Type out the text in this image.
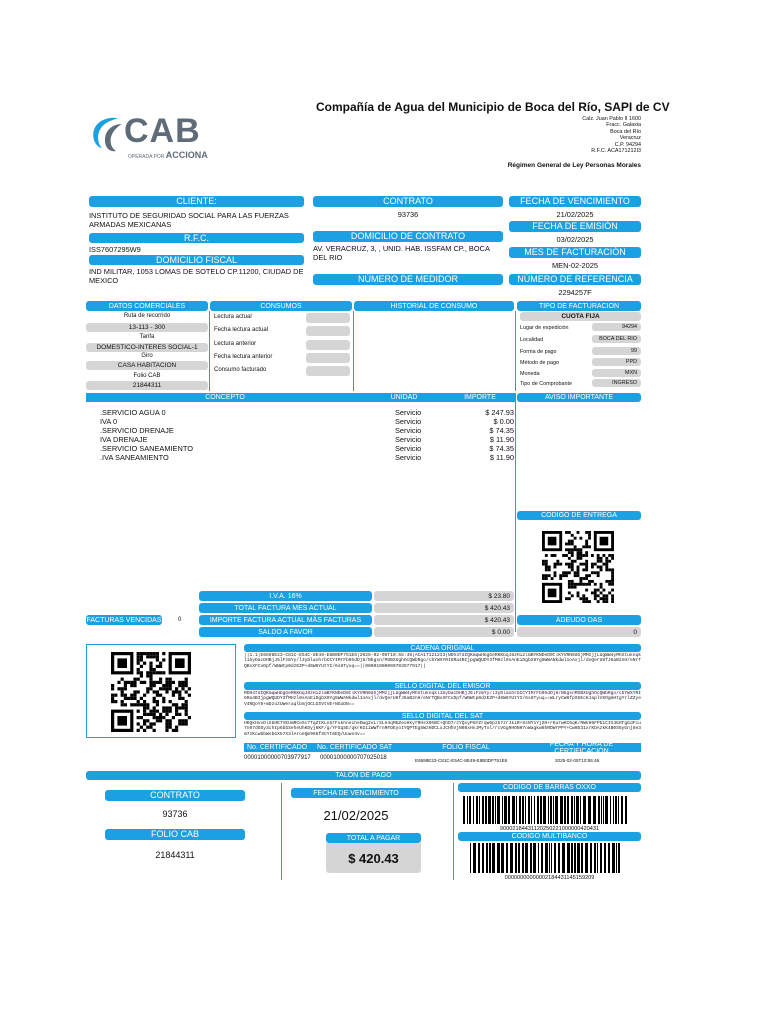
CAB
OPERADA POR ACCIONA
Compañía de Agua del Municipio de Boca del Río, SAPI de CV
Calz. Juan Pablo II 1600
Fracc. Galaxia
Boca del Río
Veracruz
C.P. 94294
R.F.C. ACA171212I3
Régimen General de Ley Personas Morales
CLIENTE:
INSTITUTO DE SEGURIDAD SOCIAL PARA LAS FUERZAS ARMADAS MEXICANAS
R.F.C.
ISS7607295W9
DOMICILIO FISCAL
IND MILITAR, 1053 LOMAS DE SOTELO CP.11200, CIUDAD DE MEXICO
CONTRATO
93736
DOMICILIO DE CONTRATO
AV. VERACRUZ, 3, , UNID. HAB. ISSFAM CP., BOCA DEL RIO
NÚMERO DE MEDIDOR
FECHA DE VENCIMIENTO
21/02/2025
FECHA DE EMISIÓN
03/02/2025
MES DE FACTURACIÓN
MEN-02-2025
NÚMERO DE REFERENCIA
2294257F
DATOS COMERCIALES	CONSUMOS	HISTORIAL DE CONSUMO	TIPO DE FACTURACION
Ruta de recorrido
13-113 - 300
Tarifa
DOMESTICO-INTERES SOCIAL-1
Giro
CASA HABITACION
Folio CAB
21844311
Lectura actual
Fecha lectura actual
Lectura anterior
Fecha lectura anterior
Consumo facturado
CUOTA FIJA
Lugar de expedición	94294
Localidad	BOCA DEL RIO
Forma de pago	99
Método de pago	PPD
Moneda	MXN
Tipo de Comprobante	INGRESO
CONCEPTO	UNIDAD	IMPORTE	AVISO IMPORTANTE
.SERVICIO AGUA 0	Servicio	$ 247.93
IVA 0	Servicio	$ 0.00
.SERVICIO DRENAJE	Servicio	$ 74.35
IVA DRENAJE	Servicio	$ 11.90
.SERVICIO SANEAMIENTO	Servicio	$ 74.35
.IVA SANEAMIENTO	Servicio	$ 11.90
CODIGO DE ENTREGA
I.V.A. 16%	$ 23.80
TOTAL FACTURA MES ACTUAL	$ 420.43
FACTURAS VENCIDAS	0	IMPORTE FACTURA ACTUAL MÁS FACTURAS	$ 420.43	ADEUDO DAS
SALDO A FAVOR	$ 0.00	0
CADENA ORIGINAL
||1.1|E6598E23-C81C-E54C-8E49-E8B0DF751E6|2025-02-05T10:55:46|ACA171212I3|NDh4fdIQKmqwHbgGeRKKbqJ8zHi2lmBYKNDeD0tlKYVRN0dGjMMzjjLUgWW4yMhXtuknqkl1byDacDHBjJ6lFzmYy/l3yDlaohrbCCYIMrFb9hdDj8/Nbgsn/MSBXUghOcQWbRgo/cbYWXYRI6Ra4BIjpgWQUDY3fMHzl0sAnEiDgbX9Yg5WWANkdwl1oAxjl/dvQerU8fJ6aB2nH/eNrTQBxXFCvDpf/WNWtp0dzEZP+d6W6YUtYI/6s8Tyuq==||00001000000703977917||
SELLO DIGITAL DEL EMISOR
RDH4fdIQKmqwHbgGeRKKbqJ8zHi2lmBYKNDeD0tlKYVRN0dGjMMzjjLUgWW4yMhXtuknqkl1byDacDHBjJ6lFzmYy/l3yDlaohrbCCYIMrFb9hdDj8/NbgsnMSBXUghOcQWbRgo/cbYWXYRI6Ra4BIjpgWQUDY3fMHzl0sAnEiDgbX9Yg5WWANkdwl1oAxjl/dvQerU8fJ6aB2nH/eNrTQBxXFCvDpf/WNWtp0dzEZP+d6W6YUtYI/6s8Tyuq==WLryCW8fpS5EcKJaplVSOgmHtgYrlZZyeV4NQoY6+mDzuzUWeraqlbmjOCLGSVtVE+NGuDN==
SELLO DIGITAL DEL SAT
HKQkHxvDlXbHE7VEUmRCeSc7fqZtKLnSrFukhneiheDwg2vL/SLe4qMbZeoHkyfRHsX0hBC+QhD7/zYQxyPmYZrqw6pzb7zrJkiR+SsNY1YjSH+rKurwKC6qK/RWkH6FPb1CIX4GHfgGdFcu7n07dOSy3chtp6bbSeheUhKDyj6KF/g/YFSqSE/qkrKG1iWWfrnRFDEyoIYQPTEg5WzHDCLxJCHhVjN08xHnJMyTxl/rcVGg9HONH7oWagkw8hRDWrPPY+Cw0D31xrKDAzkK4B0S5yGnj8e3m7zKcwbbWobGXG7X3lAroeQm966fSCYt6EQ/Uuws4v==
No. CERTIFICADO	No. CERTIFICADO SAT	FOLIO FISCAL	FECHA Y HORA DE CERTIFICACIÓN
00001000000703977917 00001000000707025018	E6598E23-C81C-E54C-8E49-E8B0DF751E6	2025-02-05T10:55:46
TALÓN DE PAGO
CONTRATO
93736
FOLIO CAB
21844311
FECHA DE VENCIMIENTO
21/02/2025
TOTAL A PAGAR
$ 420.43
CODIGO DE BARRAS OXXO
90002184431120250221000000420431
CODIGO MULTIBANCO
00000000000002184431145159209
